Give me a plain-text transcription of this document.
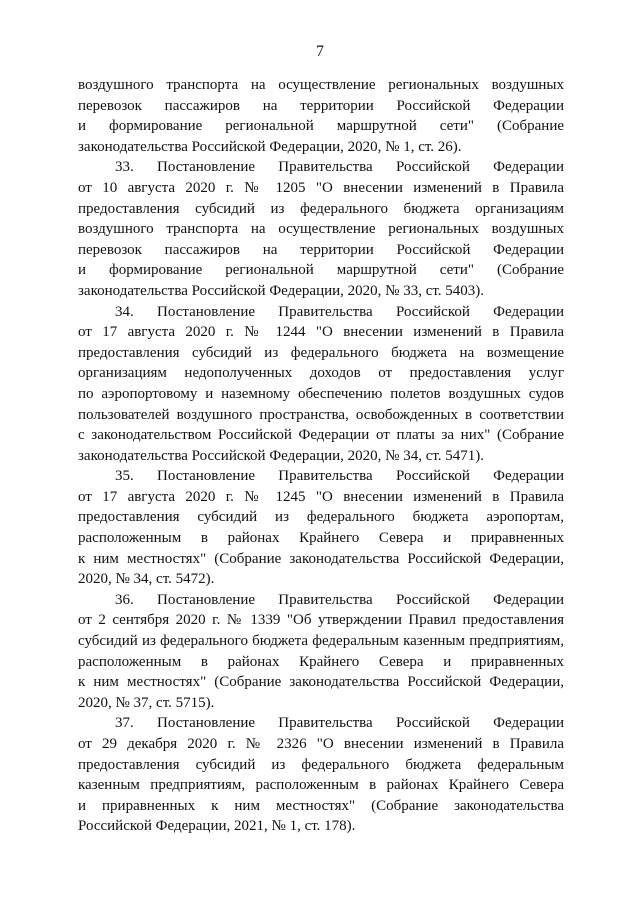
7
воздушного транспорта на осуществление региональных воздушных
перевозок пассажиров на территории Российской Федерации
и формирование региональной маршрутной сети" (Собрание
законодательства Российской Федерации, 2020, № 1, ст. 26).
33. Постановление Правительства Российской Федерации
от 10 августа 2020 г. № 1205 "О внесении изменений в Правила
предоставления субсидий из федерального бюджета организациям
воздушного транспорта на осуществление региональных воздушных
перевозок пассажиров на территории Российской Федерации
и формирование региональной маршрутной сети" (Собрание
законодательства Российской Федерации, 2020, № 33, ст. 5403).
34. Постановление Правительства Российской Федерации
от 17 августа 2020 г. № 1244 "О внесении изменений в Правила
предоставления субсидий из федерального бюджета на возмещение
организациям недополученных доходов от предоставления услуг
по аэропортовому и наземному обеспечению полетов воздушных судов
пользователей воздушного пространства, освобожденных в соответствии
с законодательством Российской Федерации от платы за них" (Собрание
законодательства Российской Федерации, 2020, № 34, ст. 5471).
35. Постановление Правительства Российской Федерации
от 17 августа 2020 г. № 1245 "О внесении изменений в Правила
предоставления субсидий из федерального бюджета аэропортам,
расположенным в районах Крайнего Севера и приравненных
к ним местностях" (Собрание законодательства Российской Федерации,
2020, № 34, ст. 5472).
36. Постановление Правительства Российской Федерации
от 2 сентября 2020 г. № 1339 "Об утверждении Правил предоставления
субсидий из федерального бюджета федеральным казенным предприятиям,
расположенным в районах Крайнего Севера и приравненных
к ним местностях" (Собрание законодательства Российской Федерации,
2020, № 37, ст. 5715).
37. Постановление Правительства Российской Федерации
от 29 декабря 2020 г. № 2326 "О внесении изменений в Правила
предоставления субсидий из федерального бюджета федеральным
казенным предприятиям, расположенным в районах Крайнего Севера
и приравненных к ним местностях" (Собрание законодательства
Российской Федерации, 2021, № 1, ст. 178).
